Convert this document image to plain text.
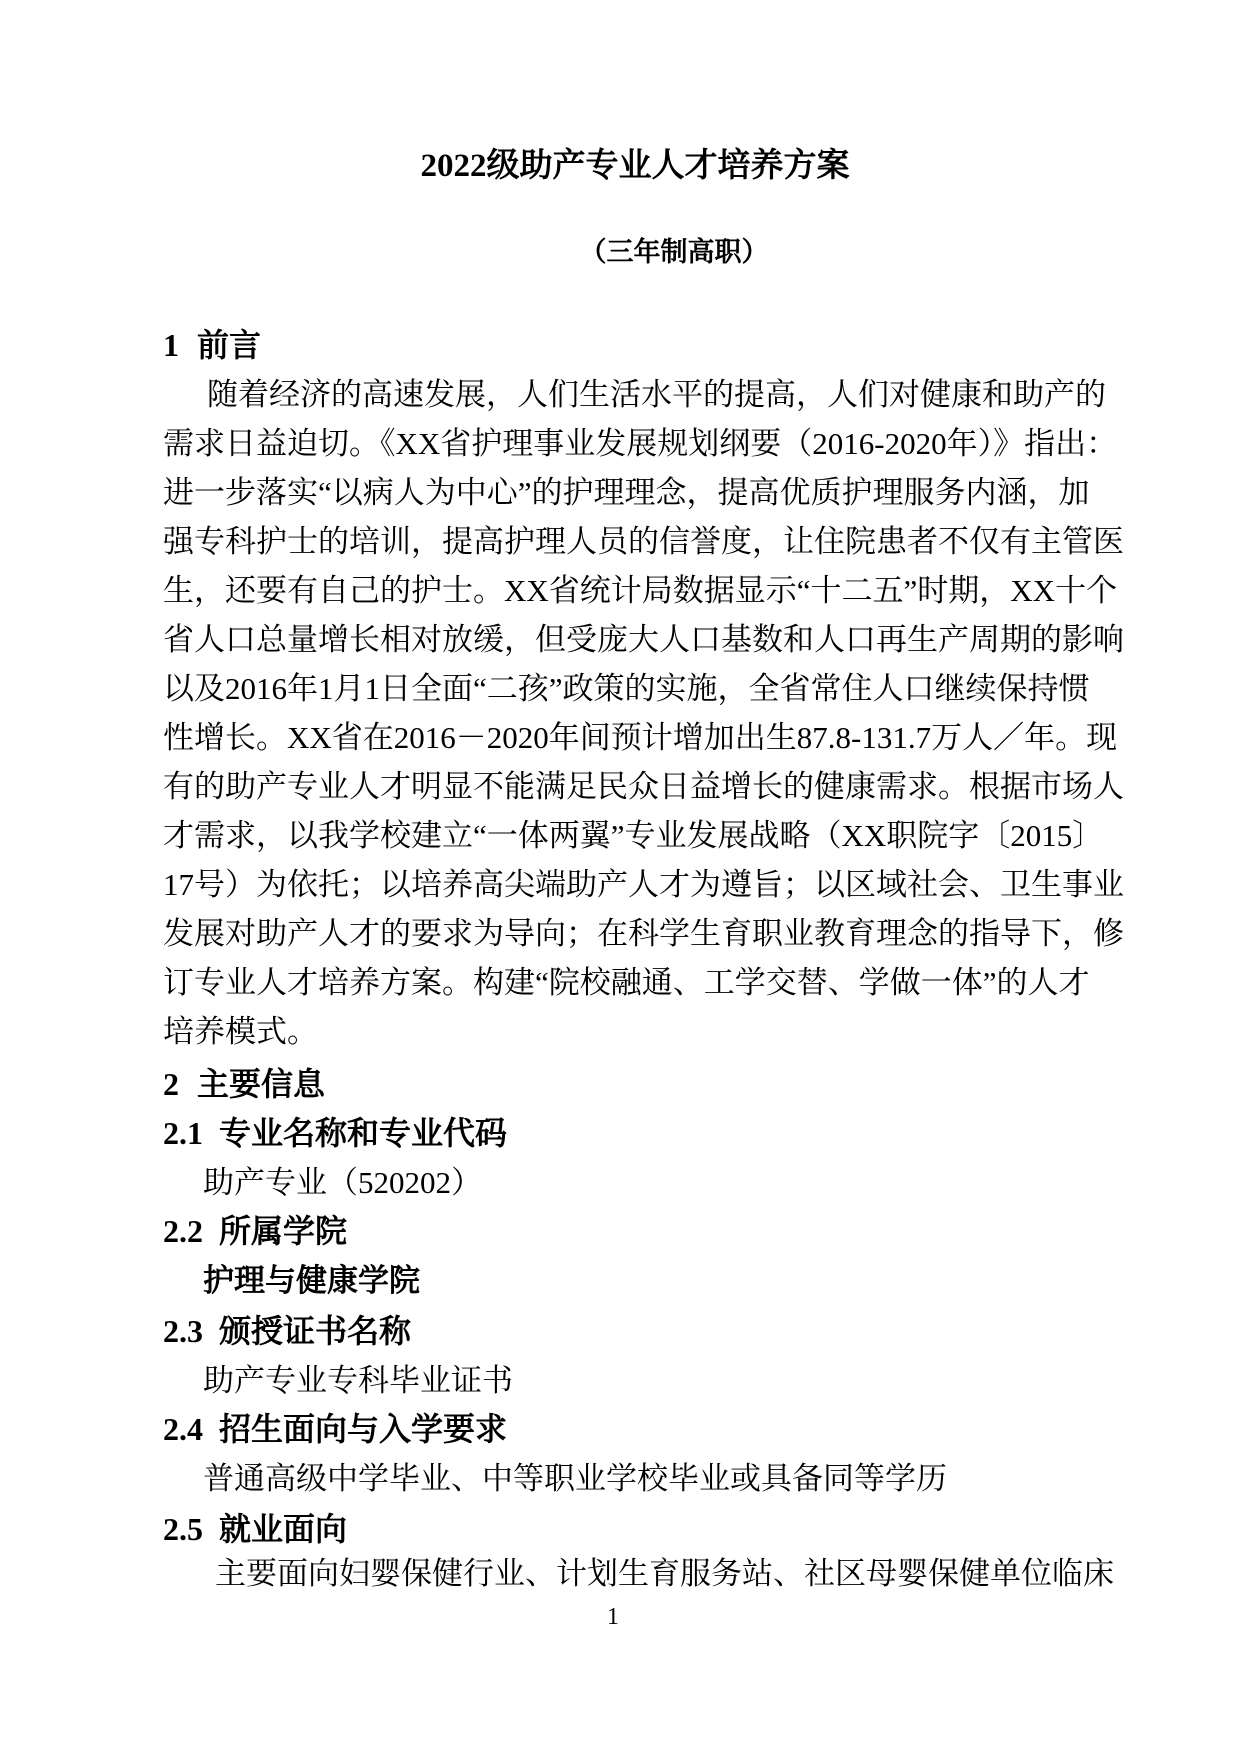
2022级助产专业人才培养方案
（三年制高职）
1 前言
随着经济的高速发展，人们生活水平的提高，人们对健康和助产的
需求日益迫切。《XX省护理事业发展规划纲要（2016-2020年）》指出：
进一步落实“以病人为中心”的护理理念，提高优质护理服务内涵，加
强专科护士的培训，提高护理人员的信誉度，让住院患者不仅有主管医
生，还要有自己的护士。XX省统计局数据显示“十二五”时期，XX十个
省人口总量增长相对放缓，但受庞大人口基数和人口再生产周期的影响
以及2016年1月1日全面“二孩”政策的实施，全省常住人口继续保持惯
性增长。XX省在2016－2020年间预计增加出生87.8-131.7万人／年。现
有的助产专业人才明显不能满足民众日益增长的健康需求。根据市场人
才需求，以我学校建立“一体两翼”专业发展战略（XX职院字〔2015〕
17号）为依托；以培养高尖端助产人才为遵旨；以区域社会、卫生事业
发展对助产人才的要求为导向；在科学生育职业教育理念的指导下，修
订专业人才培养方案。构建“院校融通、工学交替、学做一体”的人才
培养模式。
2 主要信息
2.1 专业名称和专业代码
助产专业（520202）
2.2 所属学院
护理与健康学院
2.3 颁授证书名称
助产专业专科毕业证书
2.4 招生面向与入学要求
普通高级中学毕业、中等职业学校毕业或具备同等学历
2.5 就业面向
主要面向妇婴保健行业、计划生育服务站、社区母婴保健单位临床
1
